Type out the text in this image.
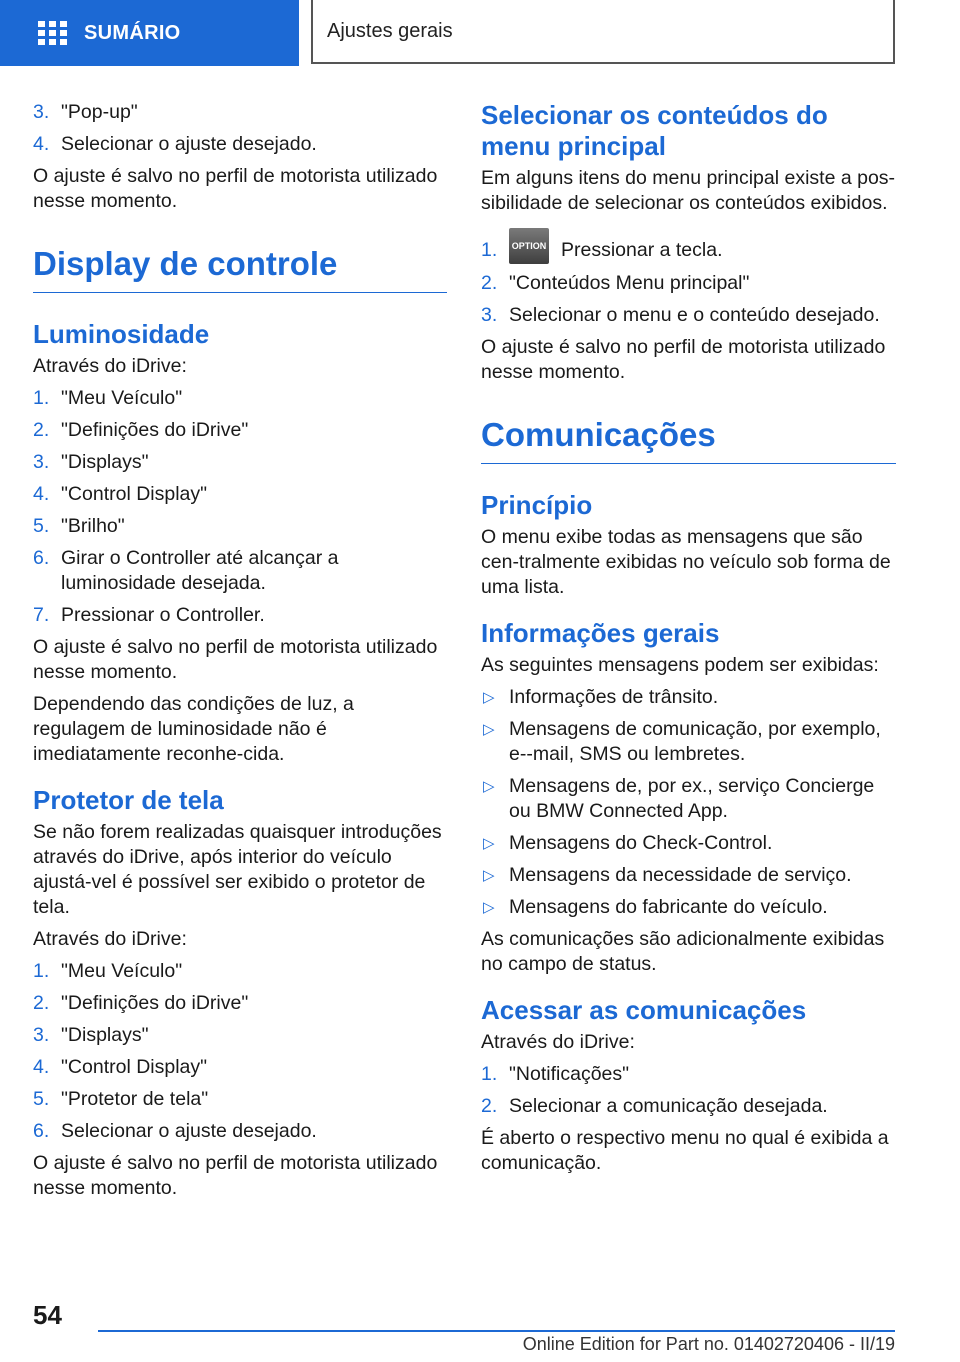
SUMÁRIO	Ajustes gerais
3. "Pop-up"
4. Selecionar o ajuste desejado.

O ajuste é salvo no perfil de motorista utilizado nesse momento.

Display de controle
Luminosidade

Através do iDrive:

1. "Meu Veículo"
2. "Definições do iDrive"
3. "Displays"
4. "Control Display"
5. "Brilho"
6. Girar o Controller até alcançar a luminosidade desejada.
7. Pressionar o Controller.

O ajuste é salvo no perfil de motorista utilizado nesse momento.

Dependendo das condições de luz, a regulagem de luminosidade não é imediatamente reconhe-cida.

Protetor de tela

Se não forem realizadas quaisquer introduções através do iDrive, após interior do veículo ajustá-vel é possível ser exibido o protetor de tela.

Através do iDrive:

1. "Meu Veículo"
2. "Definições do iDrive"
3. "Displays"
4. "Control Display"
5. "Protetor de tela"
6. Selecionar o ajuste desejado.

O ajuste é salvo no perfil de motorista utilizado nesse momento.

Selecionar os conteúdos do menu principal

Em alguns itens do menu principal existe a pos-sibilidade de selecionar os conteúdos exibidos.

1. OPTION Pressionar a tecla.
2. "Conteúdos Menu principal"
3. Selecionar o menu e o conteúdo desejado.

O ajuste é salvo no perfil de motorista utilizado nesse momento.

Comunicações
Princípio

O menu exibe todas as mensagens que são cen-tralmente exibidas no veículo sob forma de uma lista.

Informações gerais

As seguintes mensagens podem ser exibidas:

▷ Informações de trânsito.
▷ Mensagens de comunicação, por exemplo, e--mail, SMS ou lembretes.
▷ Mensagens de, por ex., serviço Concierge ou BMW Connected App.
▷ Mensagens do Check-Control.
▷ Mensagens da necessidade de serviço.
▷ Mensagens do fabricante do veículo.

As comunicações são adicionalmente exibidas no campo de status.

Acessar as comunicações

Através do iDrive:

1. "Notificações"
2. Selecionar a comunicação desejada.

É aberto o respectivo menu no qual é exibida a comunicação.

54
Online Edition for Part no. 01402720406 - II/19
